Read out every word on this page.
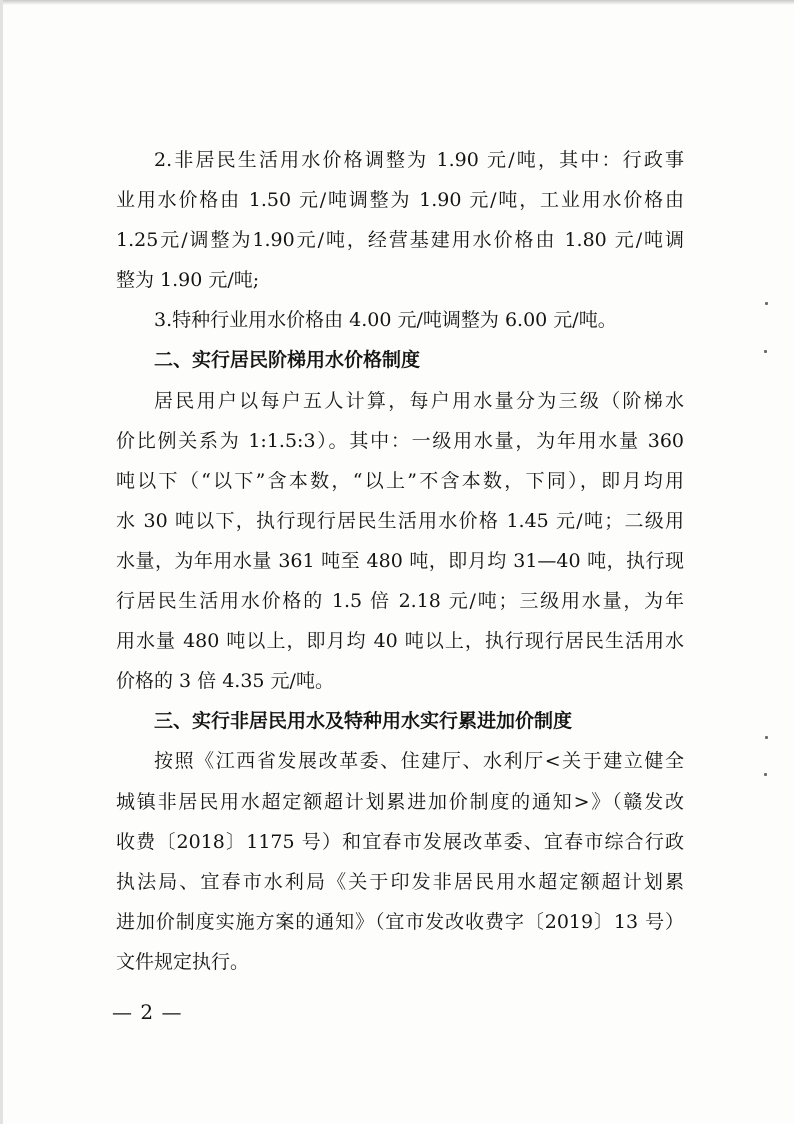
2.非居民生活用水价格调整为 1.90 元/吨，其中：行政事
业用水价格由 1.50 元/吨调整为 1.90 元/吨，工业用水价格由
1.25元/调整为1.90元/吨，经营基建用水价格由 1.80 元/吨调
整为 1.90 元/吨;
3.特种行业用水价格由 4.00 元/吨调整为 6.00 元/吨。
二、实行居民阶梯用水价格制度
居民用户以每户五人计算，每户用水量分为三级（阶梯水
价比例关系为 1:1.5:3）。其中：一级用水量，为年用水量 360
吨以下（“以下”含本数，“以上”不含本数，下同），即月均用
水 30 吨以下，执行现行居民生活用水价格 1.45 元/吨；二级用
水量，为年用水量 361 吨至 480 吨，即月均 31—40 吨，执行现
行居民生活用水价格的 1.5 倍 2.18 元/吨；三级用水量，为年
用水量 480 吨以上，即月均 40 吨以上，执行现行居民生活用水
价格的 3 倍 4.35 元/吨。
三、实行非居民用水及特种用水实行累进加价制度
按照《江西省发展改革委、住建厅、水利厅<关于建立健全
城镇非居民用水超定额超计划累进加价制度的通知>》（赣发改
收费〔2018〕1175 号）和宜春市发展改革委、宜春市综合行政
执法局、宜春市水利局《关于印发非居民用水超定额超计划累
进加价制度实施方案的通知》（宜市发改收费字〔2019〕13 号）
文件规定执行。
— 2 —
